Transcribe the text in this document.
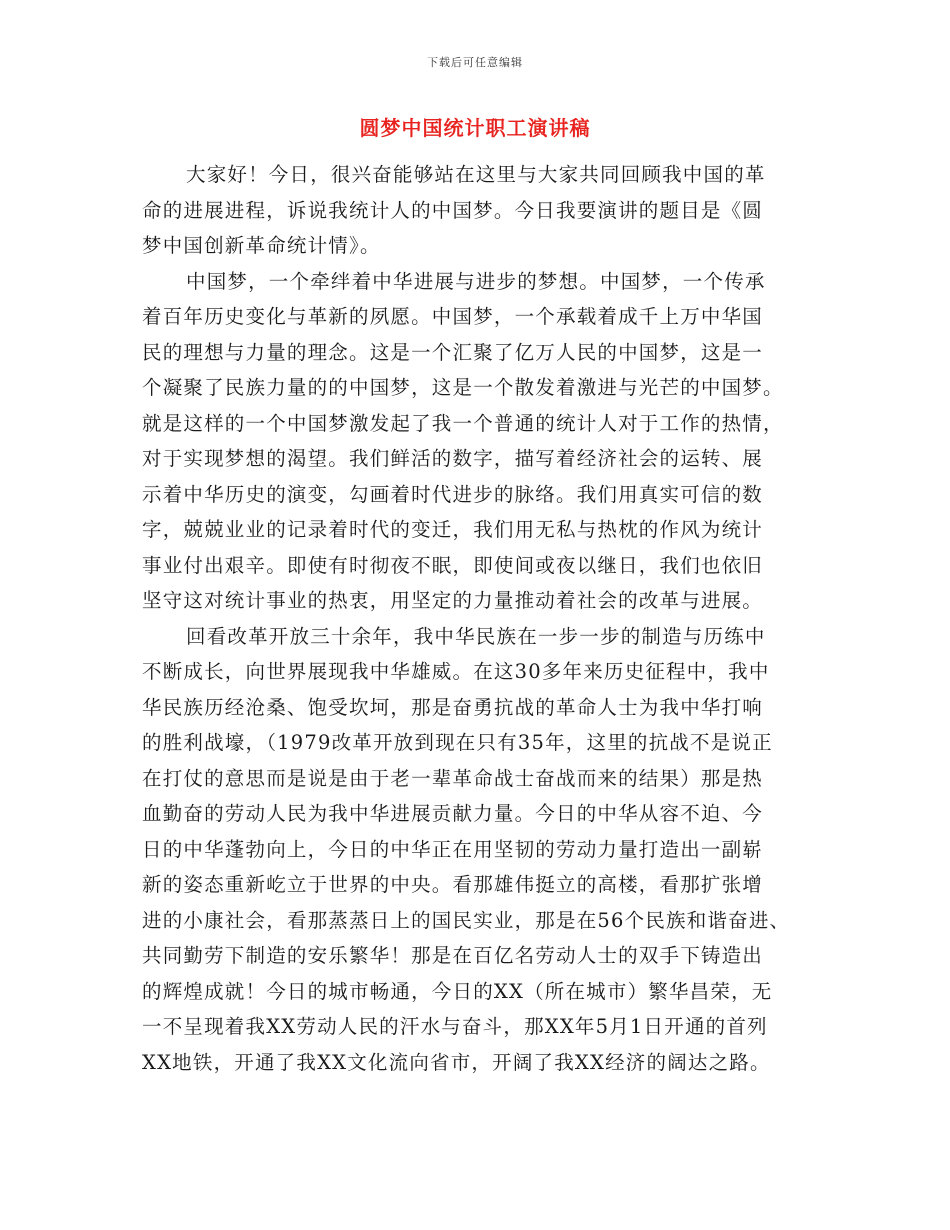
下载后可任意编辑
圆梦中国统计职工演讲稿
大家好！今日，很兴奋能够站在这里与大家共同回顾我中国的革
命的进展进程，诉说我统计人的中国梦。今日我要演讲的题目是《圆
梦中国创新革命统计情》。
中国梦，一个牵绊着中华进展与进步的梦想。中国梦，一个传承
着百年历史变化与革新的夙愿。中国梦，一个承载着成千上万中华国
民的理想与力量的理念。这是一个汇聚了亿万人民的中国梦，这是一
个凝聚了民族力量的的中国梦，这是一个散发着激进与光芒的中国梦。
就是这样的一个中国梦激发起了我一个普通的统计人对于工作的热情，
对于实现梦想的渴望。我们鲜活的数字，描写着经济社会的运转、展
示着中华历史的演变，勾画着时代进步的脉络。我们用真实可信的数
字，兢兢业业的记录着时代的变迁，我们用无私与热枕的作风为统计
事业付出艰辛。即使有时彻夜不眠，即使间或夜以继日，我们也依旧
坚守这对统计事业的热衷，用坚定的力量推动着社会的改革与进展。
回看改革开放三十余年，我中华民族在一步一步的制造与历练中
不断成长，向世界展现我中华雄威。在这30多年来历史征程中，我中
华民族历经沧桑、饱受坎坷，那是奋勇抗战的革命人士为我中华打响
的胜利战壕，（1979改革开放到现在只有35年，这里的抗战不是说正
在打仗的意思而是说是由于老一辈革命战士奋战而来的结果）那是热
血勤奋的劳动人民为我中华进展贡献力量。今日的中华从容不迫、今
日的中华蓬勃向上，今日的中华正在用坚韧的劳动力量打造出一副崭
新的姿态重新屹立于世界的中央。看那雄伟挺立的高楼，看那扩张增
进的小康社会，看那蒸蒸日上的国民实业，那是在56个民族和谐奋进、
共同勤劳下制造的安乐繁华！那是在百亿名劳动人士的双手下铸造出
的辉煌成就！今日的城市畅通，今日的XX（所在城市）繁华昌荣，无
一不呈现着我XX劳动人民的汗水与奋斗，那XX年5月1日开通的首列
XX地铁，开通了我XX文化流向省市，开阔了我XX经济的阔达之路。
